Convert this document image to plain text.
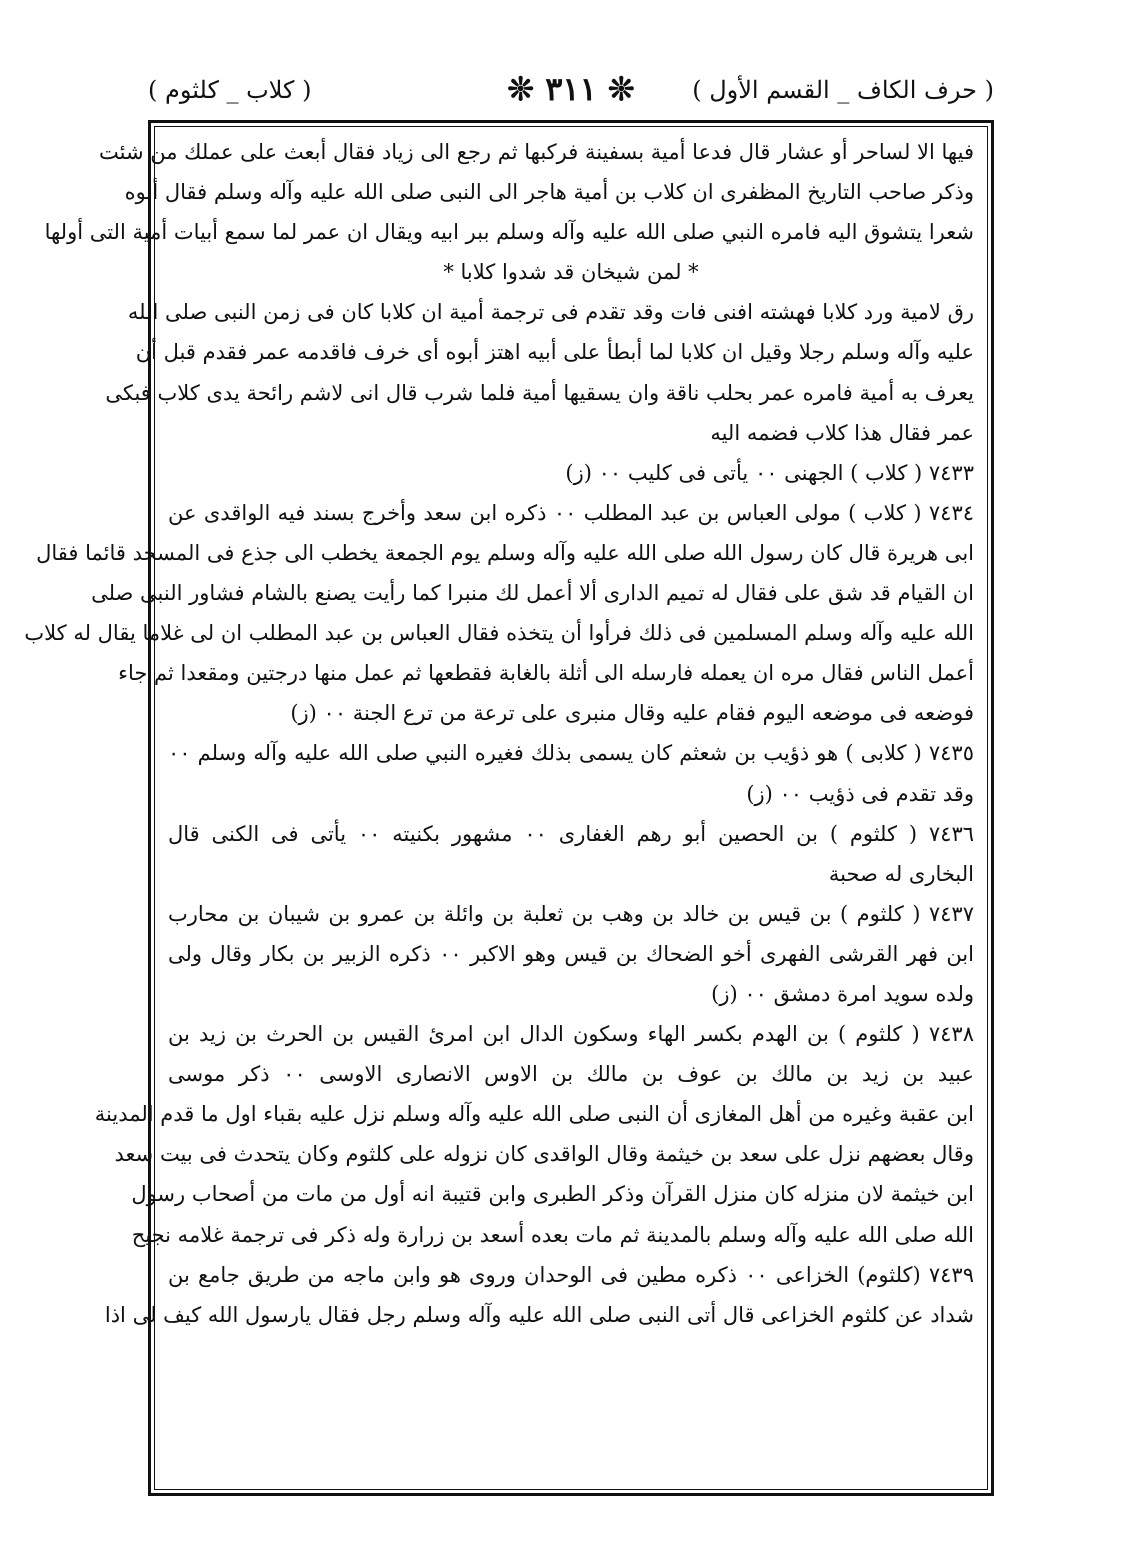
( حرف الكاف _ القسم الأول )
❊ ٣١١ ❊
( كلاب _ كلثوم )
فيها الا لساحر أو عشار قال فدعا أمية بسفينة فركبها ثم رجع الى زياد فقال أبعث على عملك من شئت
وذكر صاحب التاريخ المظفرى ان كلاب بن أمية هاجر الى النبى صلى الله عليه وآله وسلم فقال أبوه
شعرا يتشوق اليه فامره النبي صلى الله عليه وآله وسلم ببر ابيه ويقال ان عمر لما سمع أبيات أمية التى أولها
* لمن شيخان قد شدوا كلابا *
رق لامية ورد كلابا فهشته افنى فات وقد تقدم فى ترجمة أمية ان كلابا كان فى زمن النبى صلى الله
عليه وآله وسلم رجلا وقيل ان كلابا لما أبطأ على أبيه اهتز أبوه أى خرف فاقدمه عمر فقدم قبل أن
يعرف به أمية فامره عمر بحلب ناقة وان يسقيها أمية فلما شرب قال انى لاشم رائحة يدى كلاب فبكى
عمر فقال هذا كلاب فضمه اليه
٧٤٣٣ ( كلاب ) الجهنى ٠٠ يأتى فى كليب ٠٠ (ز)
٧٤٣٤ ( كلاب ) مولى العباس بن عبد المطلب ٠٠ ذكره ابن سعد وأخرج بسند فيه الواقدى عن
ابى هريرة قال كان رسول الله صلى الله عليه وآله وسلم يوم الجمعة يخطب الى جذع فى المسجد قائما فقال
ان القيام قد شق على فقال له تميم الدارى ألا أعمل لك منبرا كما رأيت يصنع بالشام فشاور النبى صلى
الله عليه وآله وسلم المسلمين فى ذلك فرأوا أن يتخذه فقال العباس بن عبد المطلب ان لى غلاما يقال له كلاب
أعمل الناس فقال مره ان يعمله فارسله الى أثلة بالغابة فقطعها ثم عمل منها درجتين ومقعدا ثم جاء
فوضعه فى موضعه اليوم فقام عليه وقال منبرى على ترعة من ترع الجنة ٠٠ (ز)
٧٤٣٥ ( كلابى ) هو ذؤيب بن شعثم كان يسمى بذلك فغيره النبي صلى الله عليه وآله وسلم ٠٠
وقد تقدم فى ذؤيب ٠٠ (ز)
٧٤٣٦ ( كلثوم ) بن الحصين أبو رهم الغفارى ٠٠ مشهور بكنيته ٠٠ يأتى فى الكنى قال
البخارى له صحبة
٧٤٣٧ ( كلثوم ) بن قيس بن خالد بن وهب بن ثعلبة بن وائلة بن عمرو بن شيبان بن محارب
ابن فهر القرشى الفهرى أخو الضحاك بن قيس وهو الاكبر ٠٠ ذكره الزبير بن بكار وقال ولى
ولده سويد امرة دمشق ٠٠ (ز)
٧٤٣٨ ( كلثوم ) بن الهدم بكسر الهاء وسكون الدال ابن امرئ القيس بن الحرث بن زيد بن
عبيد بن زيد بن مالك بن عوف بن مالك بن الاوس الانصارى الاوسى ٠٠ ذكر موسى
ابن عقبة وغيره من أهل المغازى أن النبى صلى الله عليه وآله وسلم نزل عليه بقباء اول ما قدم المدينة
وقال بعضهم نزل على سعد بن خيثمة وقال الواقدى كان نزوله على كلثوم وكان يتحدث فى بيت سعد
ابن خيثمة لان منزله كان منزل القرآن وذكر الطبرى وابن قتيبة انه أول من مات من أصحاب رسول
الله صلى الله عليه وآله وسلم بالمدينة ثم مات بعده أسعد بن زرارة وله ذكر فى ترجمة غلامه نجيح
٧٤٣٩ (كلثوم) الخزاعى ٠٠ ذكره مطين فى الوحدان وروى هو وابن ماجه من طريق جامع بن
شداد عن كلثوم الخزاعى قال أتى النبى صلى الله عليه وآله وسلم رجل فقال يارسول الله كيف لى اذا
